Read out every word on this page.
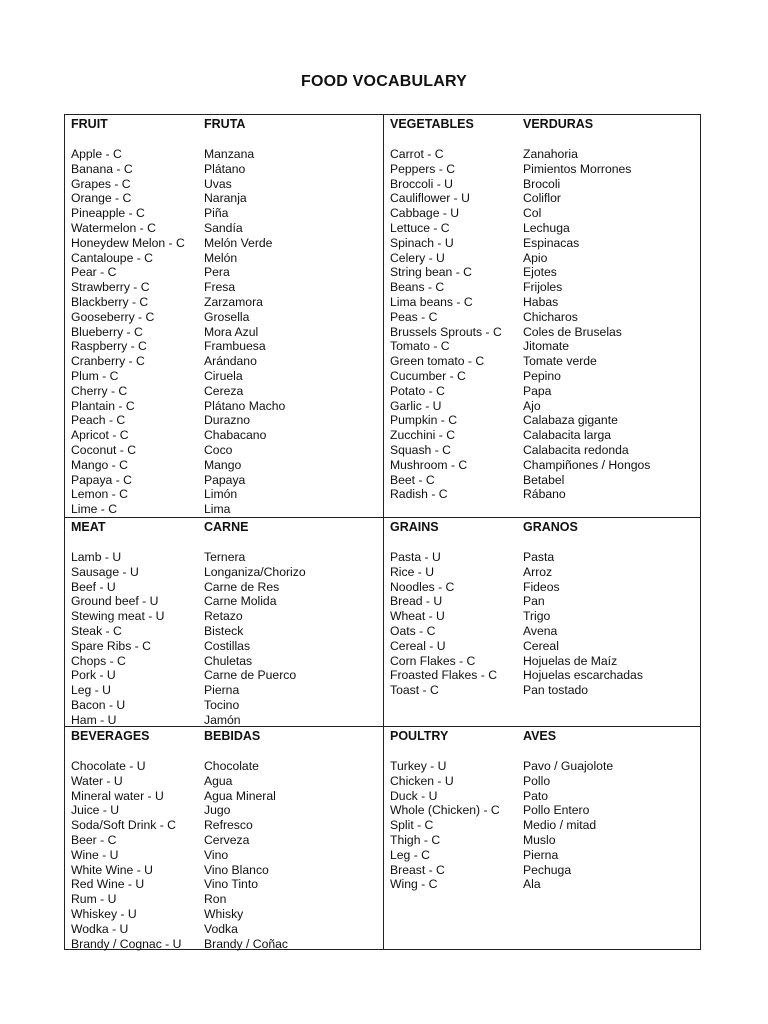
FOOD VOCABULARY
FRUIT
Apple - C
Banana - C
Grapes - C
Orange - C
Pineapple - C
Watermelon - C
Honeydew Melon - C
Cantaloupe - C
Pear - C
Strawberry - C
Blackberry - C
Gooseberry - C
Blueberry - C
Raspberry - C
Cranberry - C
Plum - C
Cherry - C
Plantain - C
Peach - C
Apricot - C
Coconut - C
Mango - C
Papaya - C
Lemon - C
Lime - C
FRUTA
Manzana
Plátano
Uvas
Naranja
Piña
Sandía
Melón Verde
Melón
Pera
Fresa
Zarzamora
Grosella
Mora Azul
Frambuesa
Arándano
Ciruela
Cereza
Plátano Macho
Durazno
Chabacano
Coco
Mango
Papaya
Limón
Lima
VEGETABLES
Carrot - C
Peppers - C
Broccoli - U
Cauliflower - U
Cabbage - U
Lettuce - C
Spinach - U
Celery - U
String bean - C
Beans - C
Lima beans - C
Peas - C
Brussels Sprouts - C
Tomato - C
Green tomato - C
Cucumber - C
Potato - C
Garlic - U
Pumpkin - C
Zucchini - C
Squash - C
Mushroom - C
Beet - C
Radish - C
VERDURAS
Zanahoria
Pimientos Morrones
Brocoli
Coliflor
Col
Lechuga
Espinacas
Apio
Ejotes
Frijoles
Habas
Chicharos
Coles de Bruselas
Jitomate
Tomate verde
Pepino
Papa
Ajo
Calabaza gigante
Calabacita larga
Calabacita redonda
Champiñones / Hongos
Betabel
Rábano
MEAT
Lamb - U
Sausage - U
Beef - U
Ground beef - U
Stewing meat - U
Steak - C
Spare Ribs - C
Chops - C
Pork - U
Leg - U
Bacon - U
Ham - U
CARNE
Ternera
Longaniza/Chorizo
Carne de Res
Carne Molida
Retazo
Bisteck
Costillas
Chuletas
Carne de Puerco
Pierna
Tocino
Jamón
GRAINS
Pasta - U
Rice - U
Noodles - C
Bread - U
Wheat - U
Oats - C
Cereal - U
Corn Flakes - C
Froasted Flakes - C
Toast - C
GRANOS
Pasta
Arroz
Fideos
Pan
Trigo
Avena
Cereal
Hojuelas de Maíz
Hojuelas escarchadas
Pan tostado
BEVERAGES
Chocolate - U
Water - U
Mineral water - U
Juice - U
Soda/Soft Drink - C
Beer - C
Wine - U
White Wine - U
Red Wine - U
Rum - U
Whiskey - U
Wodka - U
Brandy / Cognac - U
BEBIDAS
Chocolate
Agua
Agua Mineral
Jugo
Refresco
Cerveza
Vino
Vino Blanco
Vino Tinto
Ron
Whisky
Vodka
Brandy / Coñac
POULTRY
Turkey - U
Chicken - U
Duck - U
Whole (Chicken) - C
Split - C
Thigh - C
Leg - C
Breast - C
Wing - C
AVES
Pavo / Guajolote
Pollo
Pato
Pollo Entero
Medio / mitad
Muslo
Pierna
Pechuga
Ala
